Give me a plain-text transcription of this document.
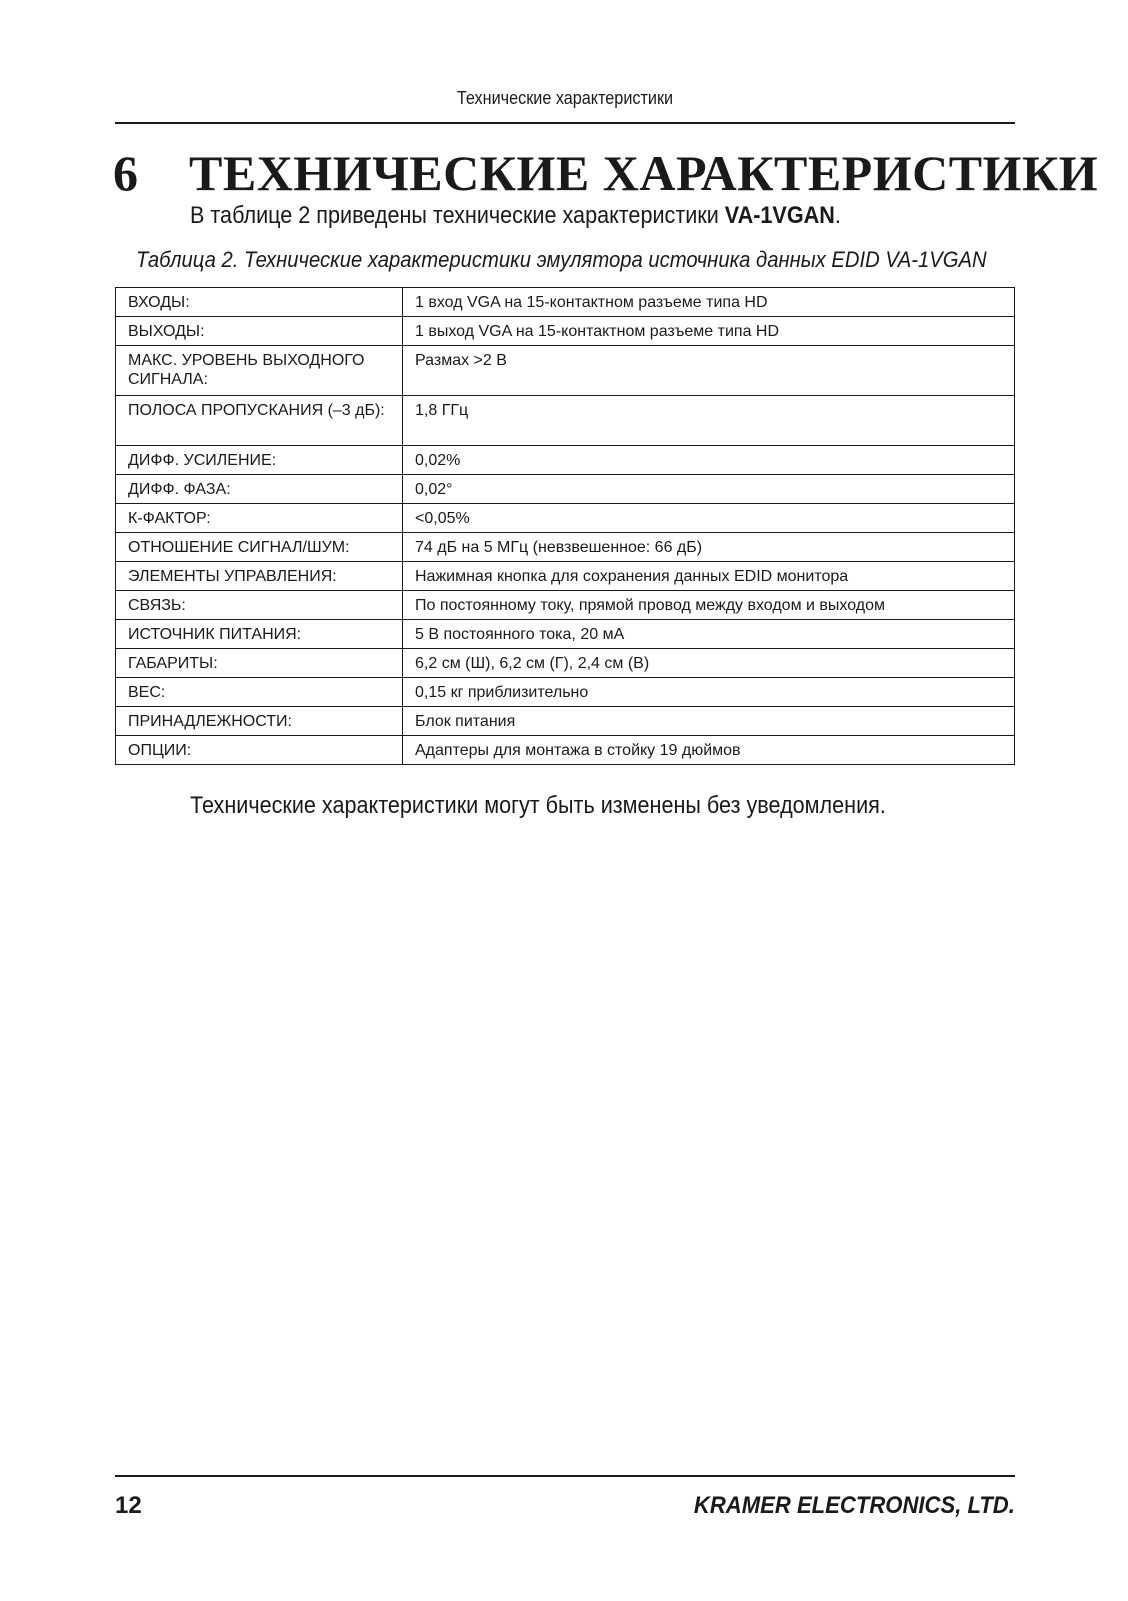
Технические характеристики
6 ТЕХНИЧЕСКИЕ ХАРАКТЕРИСТИКИ
В таблице 2 приведены технические характеристики VA-1VGAN.
Таблица 2. Технические характеристики эмулятора источника данных EDID VA-1VGAN
ВХОДЫ:	1 вход VGA на 15-контактном разъеме типа HD
ВЫХОДЫ:	1 выход VGA на 15-контактном разъеме типа HD
МАКС. УРОВЕНЬ ВЫХОДНОГО СИГНАЛА:	Размах >2 В
ПОЛОСА ПРОПУСКАНИЯ (–3 дБ):	1,8 ГГц
ДИФФ. УСИЛЕНИЕ:	0,02%
ДИФФ. ФАЗА:	0,02°
К-ФАКТОР:	<0,05%
ОТНОШЕНИЕ СИГНАЛ/ШУМ:	74 дБ на 5 МГц (невзвешенное: 66 дБ)
ЭЛЕМЕНТЫ УПРАВЛЕНИЯ:	Нажимная кнопка для сохранения данных EDID монитора
СВЯЗЬ:	По постоянному току, прямой провод между входом и выходом
ИСТОЧНИК ПИТАНИЯ:	5 В постоянного тока, 20 мА
ГАБАРИТЫ:	6,2 см (Ш), 6,2 см (Г), 2,4 см (В)
ВЕС:	0,15 кг приблизительно
ПРИНАДЛЕЖНОСТИ:	Блок питания
ОПЦИИ:	Адаптеры для монтажа в стойку 19 дюймов
Технические характеристики могут быть изменены без уведомления.
12	KRAMER ELECTRONICS, LTD.
